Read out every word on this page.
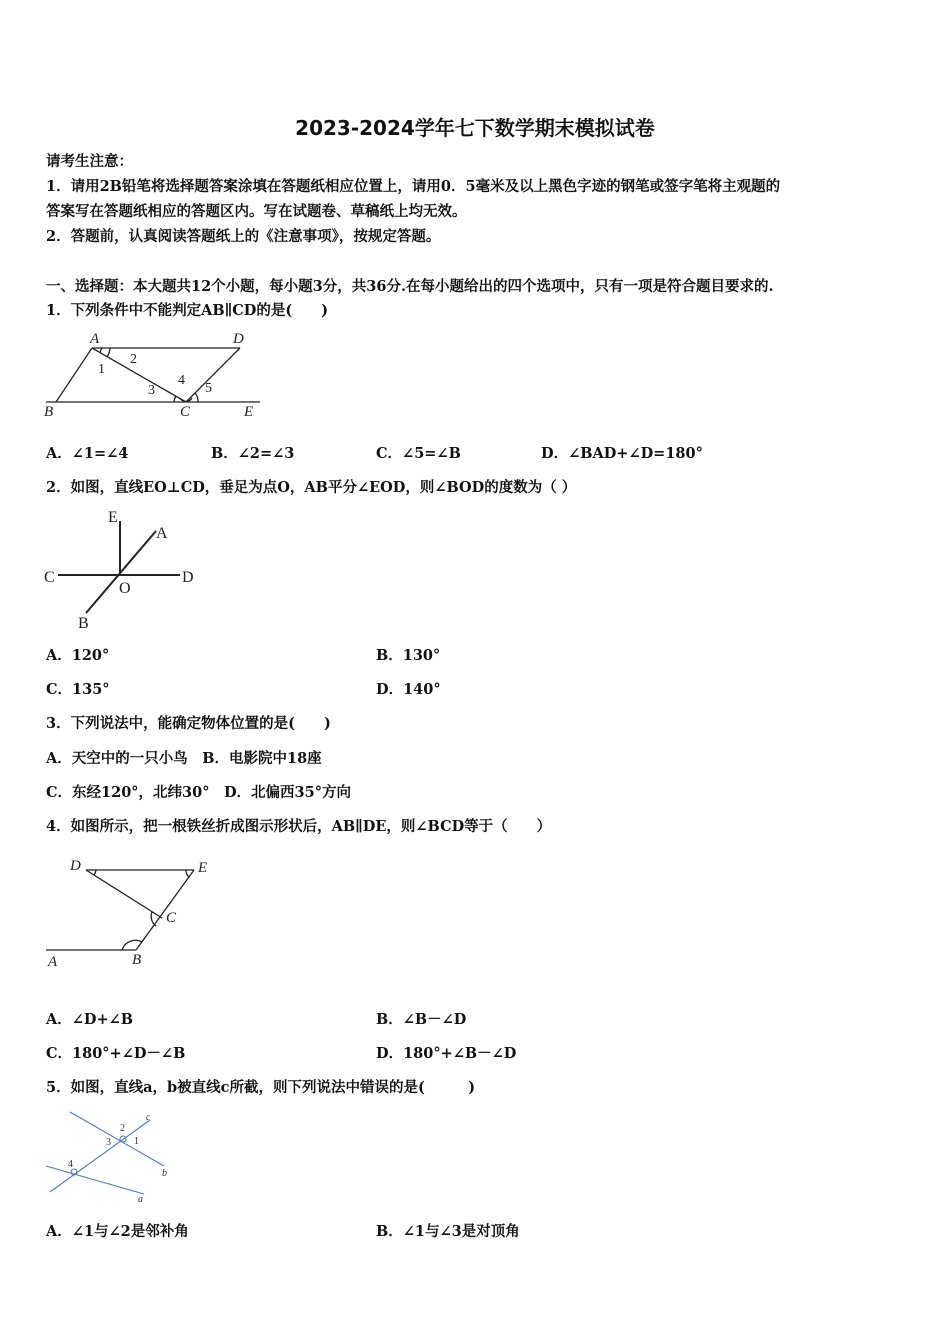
2023-2024学年七下数学期末模拟试卷
请考生注意：
1．请用2B铅笔将选择题答案涂填在答题纸相应位置上，请用0．5毫米及以上黑色字迹的钢笔或签字笔将主观题的
答案写在答题纸相应的答题区内。写在试题卷、草稿纸上均无效。
2．答题前，认真阅读答题纸上的《注意事项》，按规定答题。
一、选择题：本大题共12个小题，每小题3分，共36分.在每小题给出的四个选项中，只有一项是符合题目要求的.
1．下列条件中不能判定AB∥CD的是(　　)
A	D
B	C	E
1
2
3
4
5
A．∠1=∠4	B．∠2=∠3	C．∠5=∠B	D．∠BAD+∠D=180°
2．如图，直线EO⊥CD，垂足为点O，AB平分∠EOD，则∠BOD的度数为（ ）
E
A
C	D
O
B
A．120°	B．130°
C．135°	D．140°
3．下列说法中，能确定物体位置的是(　　)
A．天空中的一只小鸟　B．电影院中18座
C．东经120°，北纬30°　D．北偏西35°方向
4．如图所示，把一根铁丝折成图示形状后，AB∥DE，则∠BCD等于（　　）
D	E
C
A	B
A．∠D+∠B	B．∠B－∠D
C．180°+∠D－∠B	D．180°+∠B－∠D
5．如图，直线a，b被直线c所截，则下列说法中错误的是(　　　)
c
b
a
1
2
3
4
A．∠1与∠2是邻补角	B．∠1与∠3是对顶角
